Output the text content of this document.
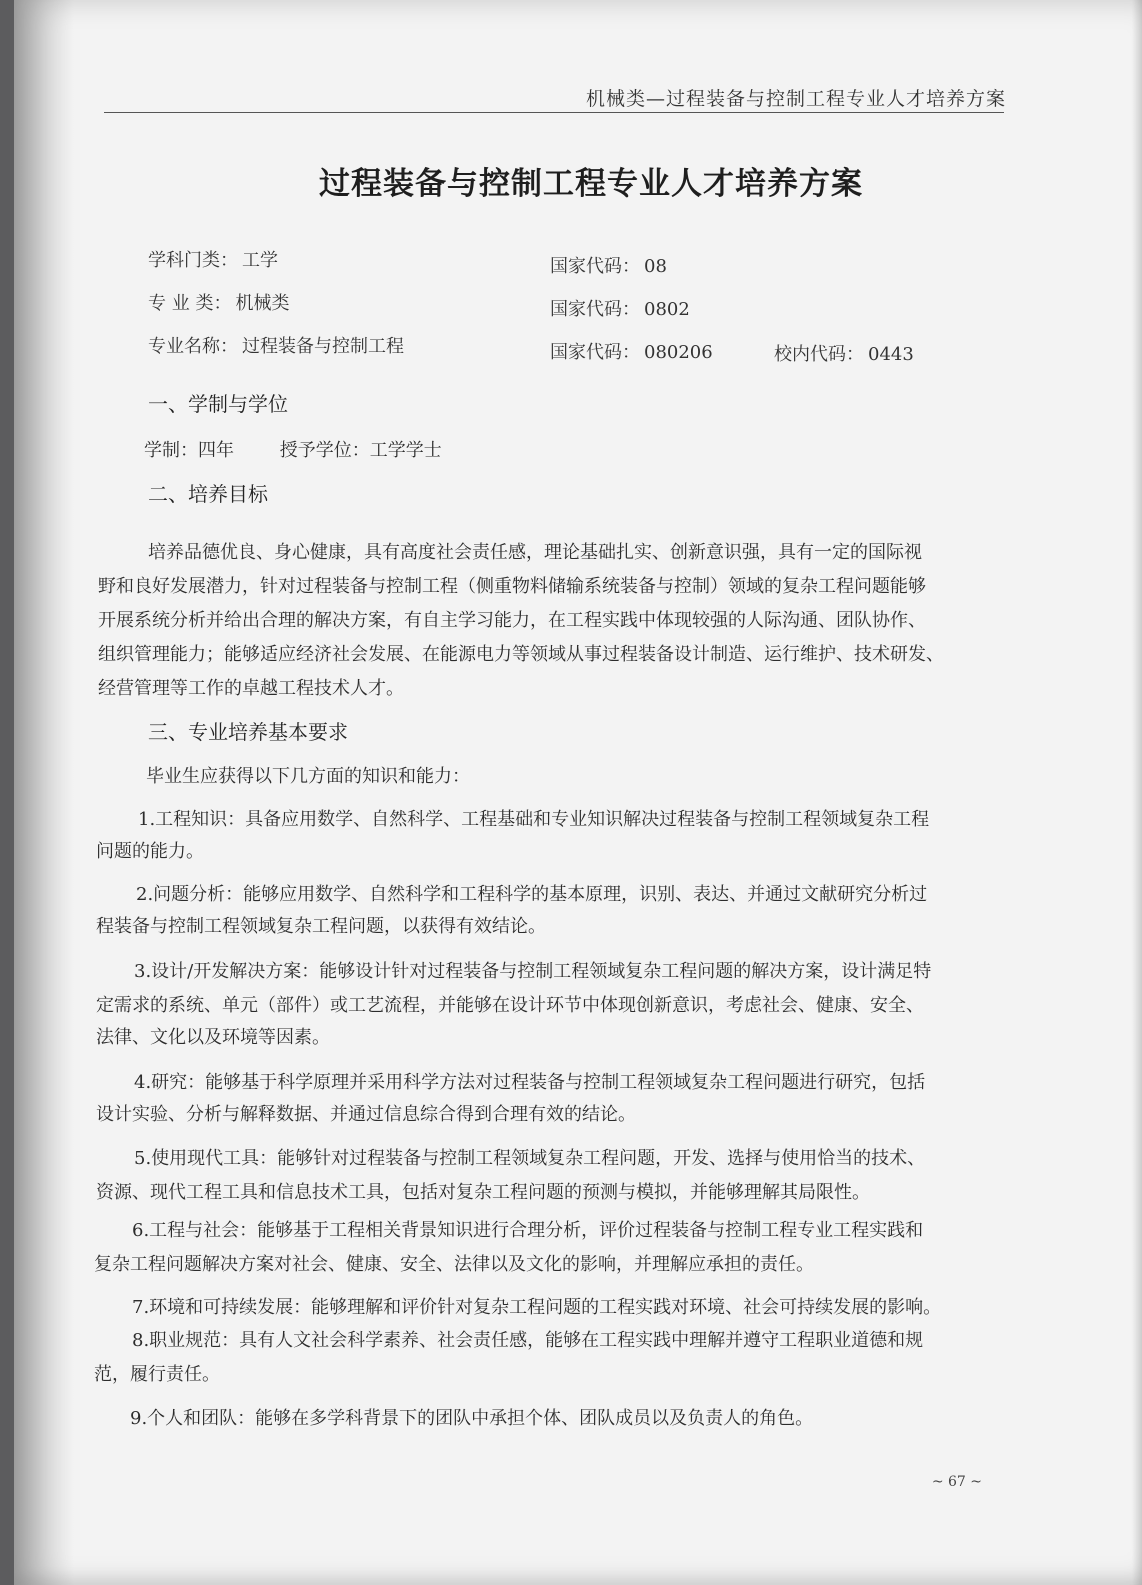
机械类—过程装备与控制工程专业人才培养方案
过程装备与控制工程专业人才培养方案
学科门类： 工学	国家代码： 08
专 业 类： 机械类	国家代码： 0802
专业名称： 过程装备与控制工程	国家代码： 080206	校内代码： 0443
一、学制与学位
学制：四年        授予学位：工学学士
二、培养目标
培养品德优良、身心健康，具有高度社会责任感，理论基础扎实、创新意识强，具有一定的国际视
野和良好发展潜力，针对过程装备与控制工程（侧重物料储输系统装备与控制）领域的复杂工程问题能够
开展系统分析并给出合理的解决方案，有自主学习能力，在工程实践中体现较强的人际沟通、团队协作、
组织管理能力；能够适应经济社会发展、在能源电力等领域从事过程装备设计制造、运行维护、技术研发、
经营管理等工作的卓越工程技术人才。
三、专业培养基本要求
毕业生应获得以下几方面的知识和能力：
1.工程知识：具备应用数学、自然科学、工程基础和专业知识解决过程装备与控制工程领域复杂工程
问题的能力。
2.问题分析：能够应用数学、自然科学和工程科学的基本原理，识别、表达、并通过文献研究分析过
程装备与控制工程领域复杂工程问题，以获得有效结论。
3.设计/开发解决方案：能够设计针对过程装备与控制工程领域复杂工程问题的解决方案，设计满足特
定需求的系统、单元（部件）或工艺流程，并能够在设计环节中体现创新意识，考虑社会、健康、安全、
法律、文化以及环境等因素。
4.研究：能够基于科学原理并采用科学方法对过程装备与控制工程领域复杂工程问题进行研究，包括
设计实验、分析与解释数据、并通过信息综合得到合理有效的结论。
5.使用现代工具：能够针对过程装备与控制工程领域复杂工程问题，开发、选择与使用恰当的技术、
资源、现代工程工具和信息技术工具，包括对复杂工程问题的预测与模拟，并能够理解其局限性。
6.工程与社会：能够基于工程相关背景知识进行合理分析，评价过程装备与控制工程专业工程实践和
复杂工程问题解决方案对社会、健康、安全、法律以及文化的影响，并理解应承担的责任。
7.环境和可持续发展：能够理解和评价针对复杂工程问题的工程实践对环境、社会可持续发展的影响。
8.职业规范：具有人文社会科学素养、社会责任感，能够在工程实践中理解并遵守工程职业道德和规
范，履行责任。
9.个人和团队：能够在多学科背景下的团队中承担个体、团队成员以及负责人的角色。
~ 67 ~
